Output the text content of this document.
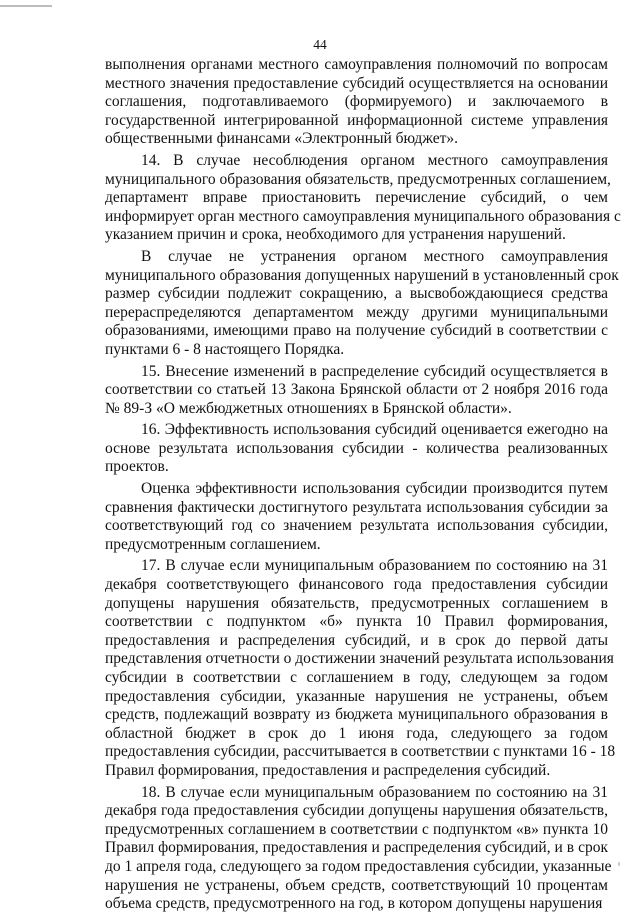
44

выполнения органами местного самоуправления полномочий по вопросам
местного значения предоставление субсидий осуществляется на основании
соглашения, подготавливаемого (формируемого) и заключаемого в
государственной интегрированной информационной системе управления
общественными финансами «Электронный бюджет».

14. В случае несоблюдения органом местного самоуправления
муниципального образования обязательств, предусмотренных соглашением,
департамент вправе приостановить перечисление субсидий, о чем
информирует орган местного самоуправления муниципального образования с
указанием причин и срока, необходимого для устранения нарушений.

В случае не устранения органом местного самоуправления
муниципального образования допущенных нарушений в установленный срок
размер субсидии подлежит сокращению, а высвобождающиеся средства
перераспределяются департаментом между другими муниципальными
образованиями, имеющими право на получение субсидий в соответствии с
пунктами 6 - 8 настоящего Порядка.

15. Внесение изменений в распределение субсидий осуществляется в
соответствии со статьей 13 Закона Брянской области от 2 ноября 2016 года
№ 89-З «О межбюджетных отношениях в Брянской области».

16. Эффективность использования субсидий оценивается ежегодно на
основе результата использования субсидии - количества реализованных
проектов.

Оценка эффективности использования субсидии производится путем
сравнения фактически достигнутого результата использования субсидии за
соответствующий год со значением результата использования субсидии,
предусмотренным соглашением.

17. В случае если муниципальным образованием по состоянию на 31
декабря соответствующего финансового года предоставления субсидии
допущены нарушения обязательств, предусмотренных соглашением в
соответствии с подпунктом «б» пункта 10 Правил формирования,
предоставления и распределения субсидий, и в срок до первой даты
представления отчетности о достижении значений результата использования
субсидии в соответствии с соглашением в году, следующем за годом
предоставления субсидии, указанные нарушения не устранены, объем
средств, подлежащий возврату из бюджета муниципального образования в
областной бюджет в срок до 1 июня года, следующего за годом
предоставления субсидии, рассчитывается в соответствии с пунктами 16 - 18
Правил формирования, предоставления и распределения субсидий.

18. В случае если муниципальным образованием по состоянию на 31
декабря года предоставления субсидии допущены нарушения обязательств,
предусмотренных соглашением в соответствии с подпунктом «в» пункта 10
Правил формирования, предоставления и распределения субсидий, и в срок
до 1 апреля года, следующего за годом предоставления субсидии, указанные
нарушения не устранены, объем средств, соответствующий 10 процентам
объема средств, предусмотренного на год, в котором допущены нарушения
